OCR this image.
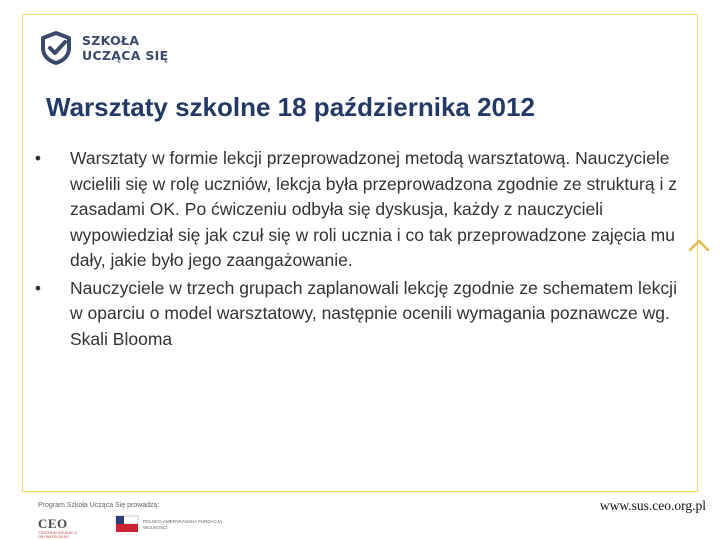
SZKOŁA
UCZĄCA SIĘ
Warsztaty szkolne 18 października 2012
•	Warsztaty w formie lekcji przeprowadzonej metodą warsztatową. Nauczyciele wcielili się w rolę uczniów, lekcja była przeprowadzona zgodnie ze strukturą i z zasadami OK. Po ćwiczeniu odbyła się dyskusja, każdy z nauczycieli wypowiedział się jak czuł się w roli ucznia i co tak przeprowadzone zajęcia mu dały, jakie było jego zaangażowanie.
•	Nauczyciele w trzech grupach zaplanowali lekcję zgodnie ze schematem lekcji w oparciu o model warsztatowy, następnie ocenili wymagania poznawcze wg. Skali Blooma
Program Szkoła Ucząca Się prowadzą:
CEO
CENTRUM EDUKACJI OBYWATELSKIEJ
POLSKO-AMERYKAŃSKA FUNDACJA WOLNOŚCI

www.sus.ceo.org.pl
